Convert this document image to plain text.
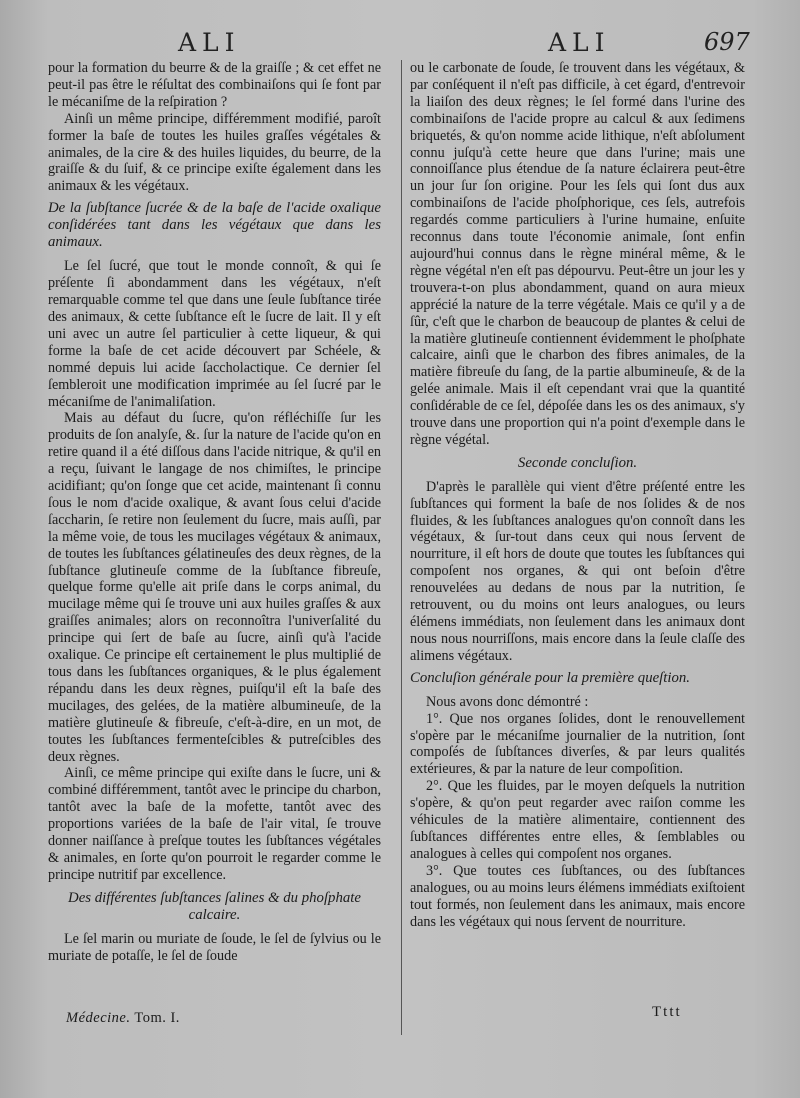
ALI	ALI	697

pour la formation du beurre & de la graiſſe ; & cet effet ne peut-il pas être le réſultat des combinaiſons qui ſe font par le mécaniſme de la reſpiration ?

Ainſi un même principe, différemment modifié, paroît former la baſe de toutes les huiles graſſes végétales & animales, de la cire & des huiles liquides, du beurre, de la graiſſe & du ſuif, & ce principe exiſte également dans les animaux & les végétaux.

De la ſubſtance ſucrée & de la baſe de l'acide oxalique conſidérées tant dans les végétaux que dans les animaux.

Le ſel ſucré, que tout le monde connoît, & qui ſe préſente ſi abondamment dans les végétaux, n'eſt remarquable comme tel que dans une ſeule ſubſtance tirée des animaux, & cette ſubſtance eſt le ſucre de lait. Il y eſt uni avec un autre ſel particulier à cette liqueur, & qui forme la baſe de cet acide découvert par Schéele, & nommé depuis lui acide ſaccholactique. Ce dernier ſel ſembleroit une modification imprimée au ſel ſucré par le mécaniſme de l'animaliſation.

Mais au défaut du ſucre, qu'on réfléchiſſe ſur les produits de ſon analyſe, &. ſur la nature de l'acide qu'on en retire quand il a été diſſous dans l'acide nitrique, & qu'il en a reçu, ſuivant le langage de nos chimiſtes, le principe acidifiant; qu'on ſonge que cet acide, maintenant ſi connu ſous le nom d'acide oxalique, & avant ſous celui d'acide ſaccharin, ſe retire non ſeulement du ſucre, mais auſſi, par la même voie, de tous les mucilages végétaux & animaux, de toutes les ſubſtances gélatineuſes des deux règnes, de la ſubſtance glutineuſe comme de la ſubſtance fibreuſe, quelque forme qu'elle ait priſe dans le corps animal, du mucilage même qui ſe trouve uni aux huiles graſſes & aux graiſſes animales; alors on reconnoîtra l'univerſalité du principe qui ſert de baſe au ſucre, ainſi qu'à l'acide oxalique. Ce principe eſt certainement le plus multiplié de tous dans les ſubſtances organiques, & le plus également répandu dans les deux règnes, puiſqu'il eſt la baſe des mucilages, des gelées, de la matière albumineuſe, de la matière glutineuſe & fibreuſe, c'eſt-à-dire, en un mot, de toutes les ſubſtances fermenteſcibles & putreſcibles des deux règnes.

Ainſi, ce même principe qui exiſte dans le ſucre, uni & combiné différemment, tantôt avec le principe du charbon, tantôt avec la baſe de la mofette, tantôt avec des proportions variées de la baſe de l'air vital, ſe trouve donner naiſſance à preſque toutes les ſubſtances végétales & animales, en ſorte qu'on pourroit le regarder comme le principe nutritif par excellence.

Des différentes ſubſtances ſalines & du phoſphate calcaire.

Le ſel marin ou muriate de ſoude, le ſel de ſylvius ou le muriate de potaſſe, le ſel de ſoude

ou le carbonate de ſoude, ſe trouvent dans les végétaux, & par conſéquent il n'eſt pas difficile, à cet égard, d'entrevoir la liaiſon des deux règnes; le ſel formé dans l'urine des combinaiſons de l'acide propre au calcul & aux ſedimens briquetés, & qu'on nomme acide lithique, n'eſt abſolument connu juſqu'à cette heure que dans l'urine; mais une connoiſſance plus étendue de ſa nature éclairera peut-être un jour ſur ſon origine. Pour les ſels qui ſont dus aux combinaiſons de l'acide phoſphorique, ces ſels, autrefois regardés comme particuliers à l'urine humaine, enſuite reconnus dans toute l'économie animale, ſont enfin aujourd'hui connus dans le règne minéral même, & le règne végétal n'en eſt pas dépourvu. Peut-être un jour les y trouvera-t-on plus abondamment, quand on aura mieux apprécié la nature de la terre végétale. Mais ce qu'il y a de ſûr, c'eſt que le charbon de beaucoup de plantes & celui de la matière glutineuſe contiennent évidemment le phoſphate calcaire, ainſi que le charbon des fibres animales, de la matière fibreuſe du ſang, de la partie albumineuſe, & de la gelée animale. Mais il eſt cependant vrai que la quantité conſidérable de ce ſel, dépoſée dans les os des animaux, s'y trouve dans une proportion qui n'a point d'exemple dans le règne végétal.

Seconde concluſion.

D'après le parallèle qui vient d'être préſenté entre les ſubſtances qui forment la baſe de nos ſolides & de nos fluides, & les ſubſtances analogues qu'on connoît dans les végétaux, & ſur-tout dans ceux qui nous ſervent de nourriture, il eſt hors de doute que toutes les ſubſtances qui compoſent nos organes, & qui ont beſoin d'être renouvelées au dedans de nous par la nutrition, ſe retrouvent, ou du moins ont leurs analogues, ou leurs élémens immédiats, non ſeulement dans les animaux dont nous nous nourriſſons, mais encore dans la ſeule claſſe des alimens végétaux.

Concluſion générale pour la première queſtion.

Nous avons donc démontré :

1°. Que nos organes ſolides, dont le renouvellement s'opère par le mécaniſme journalier de la nutrition, ſont compoſés de ſubſtances diverſes, & par leurs qualités extérieures, & par la nature de leur compoſition.

2°. Que les fluides, par le moyen deſquels la nutrition s'opère, & qu'on peut regarder avec raiſon comme les véhicules de la matière alimentaire, contiennent des ſubſtances différentes entre elles, & ſemblables ou analogues à celles qui compoſent nos organes.

3°. Que toutes ces ſubſtances, ou des ſubſtances analogues, ou au moins leurs élémens immédiats exiſtoient tout formés, non ſeulement dans les animaux, mais encore dans les végétaux qui nous ſervent de nourriture.

Médecine. Tom. I.	Tttt
